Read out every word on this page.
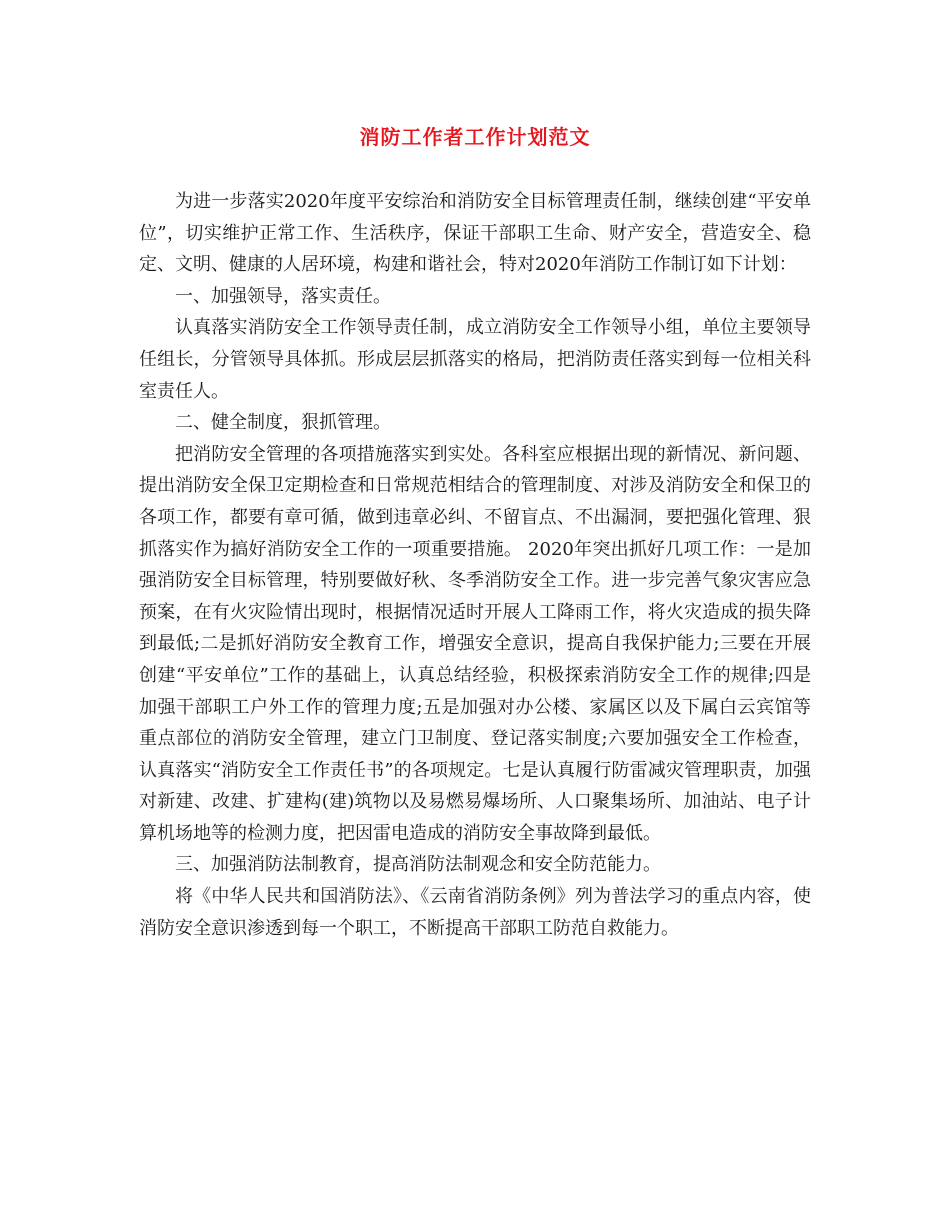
消防工作者工作计划范文

为进一步落实2020年度平安综治和消防安全目标管理责任制，继续创建“平安单位”，切实维护正常工作、生活秩序，保证干部职工生命、财产安全，营造安全、稳定、文明、健康的人居环境，构建和谐社会，特对2020年消防工作制订如下计划：

一、加强领导，落实责任。

认真落实消防安全工作领导责任制，成立消防安全工作领导小组，单位主要领导任组长，分管领导具体抓。形成层层抓落实的格局，把消防责任落实到每一位相关科室责任人。

二、健全制度，狠抓管理。

把消防安全管理的各项措施落实到实处。各科室应根据出现的新情况、新问题、提出消防安全保卫定期检查和日常规范相结合的管理制度、对涉及消防安全和保卫的各项工作，都要有章可循，做到违章必纠、不留盲点、不出漏洞，要把强化管理、狠抓落实作为搞好消防安全工作的一项重要措施。 2020年突出抓好几项工作：一是加强消防安全目标管理，特别要做好秋、冬季消防安全工作。进一步完善气象灾害应急预案，在有火灾险情出现时，根据情况适时开展人工降雨工作，将火灾造成的损失降到最低;二是抓好消防安全教育工作，增强安全意识，提高自我保护能力;三要在开展创建“平安单位”工作的基础上，认真总结经验，积极探索消防安全工作的规律;四是加强干部职工户外工作的管理力度;五是加强对办公楼、家属区以及下属白云宾馆等重点部位的消防安全管理，建立门卫制度、登记落实制度;六要加强安全工作检查，认真落实“消防安全工作责任书”的各项规定。七是认真履行防雷减灾管理职责，加强对新建、改建、扩建构(建)筑物以及易燃易爆场所、人口聚集场所、加油站、电子计算机场地等的检测力度，把因雷电造成的消防安全事故降到最低。

三、加强消防法制教育，提高消防法制观念和安全防范能力。

将《中华人民共和国消防法》、《云南省消防条例》列为普法学习的重点内容，使消防安全意识渗透到每一个职工，不断提高干部职工防范自救能力。
